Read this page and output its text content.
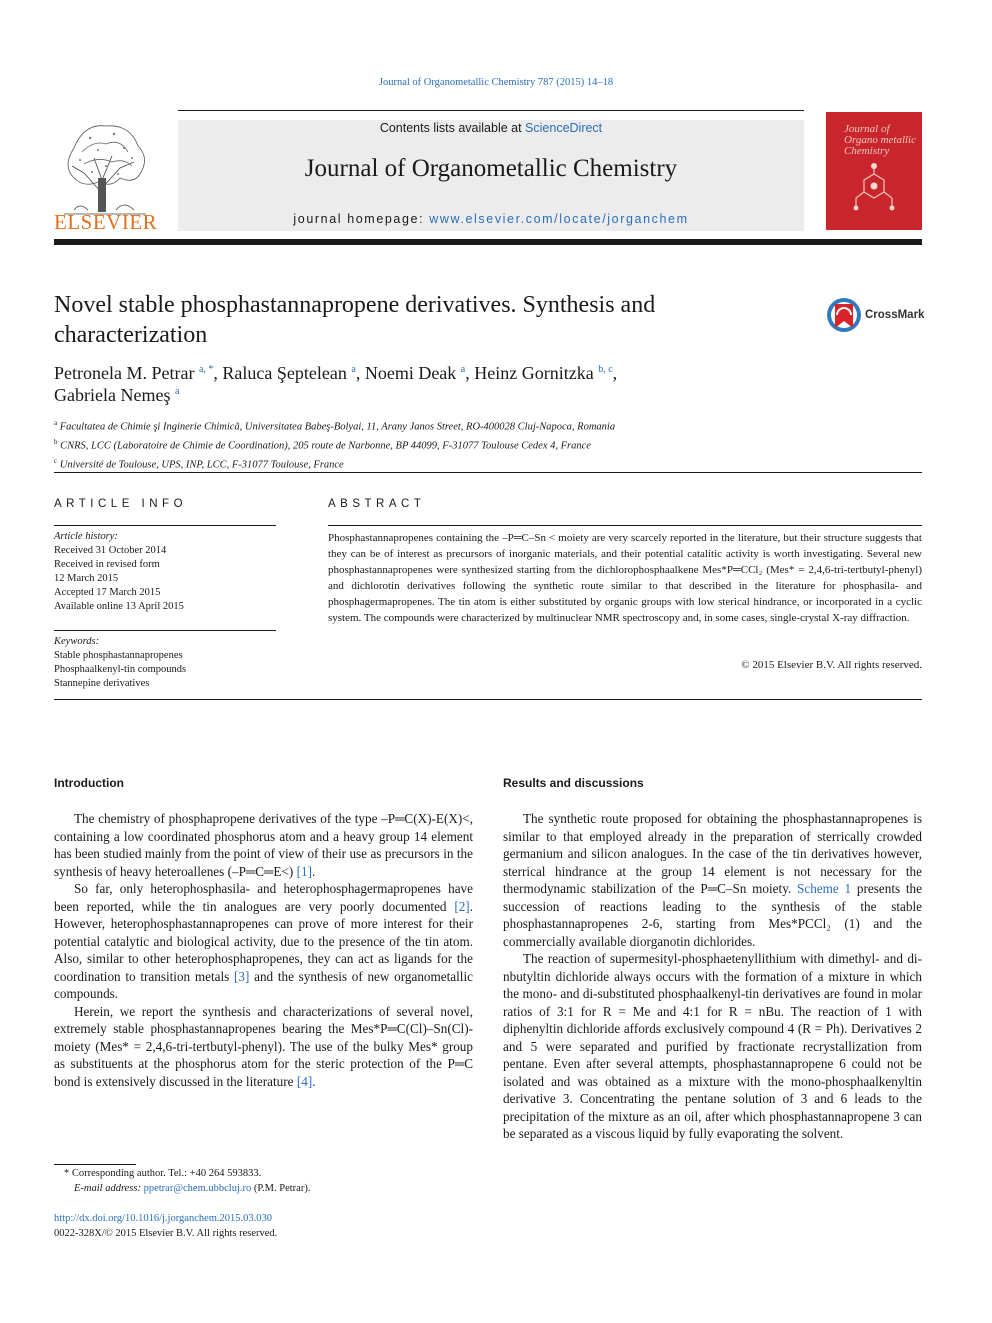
Journal of Organometallic Chemistry 787 (2015) 14–18
ELSEVIER
Contents lists available at ScienceDirect
Journal of Organometallic Chemistry
journal homepage: www.elsevier.com/locate/jorganchem
Journal of Organo metallic Chemistry
Novel stable phosphastannapropene derivatives. Synthesis and characterization
CrossMark
Petronela M. Petrar $^{a, *}$, Raluca Şeptelean $^a$, Noemi Deak $^a$, Heinz Gornitzka $^{b, c}$,
Gabriela Nemeş $^a$
$^a$ Facultatea de Chimie şi Inginerie Chimică, Universitatea Babeş-Bolyai, 11, Arany Janos Street, RO-400028 Cluj-Napoca, Romania
$^b$ CNRS, LCC (Laboratoire de Chimie de Coordination), 205 route de Narbonne, BP 44099, F-31077 Toulouse Cedex 4, France
$^c$ Université de Toulouse, UPS, INP, LCC, F-31077 Toulouse, France
ARTICLE INFO
Article history:
Received 31 October 2014
Received in revised form
12 March 2015
Accepted 17 March 2015
Available online 13 April 2015
Keywords:
Stable phosphastannapropenes
Phosphaalkenyl-tin compounds
Stannepine derivatives
ABSTRACT
Phosphastannapropenes containing the –P═C–Sn < moiety are very scarcely reported in the literature, but their structure suggests that they can be of interest as precursors of inorganic materials, and their potential catalitic activity is worth investigating. Several new phosphastannapropenes were synthesized starting from the dichlorophosphaalkene Mes*P═CCl₂ (Mes* = 2,4,6-tri-tertbutyl-phenyl) and dichlorotin derivatives following the synthetic route similar to that described in the literature for phosphasila- and phosphagermapropenes. The tin atom is either substituted by organic groups with low sterical hindrance, or incorporated in a cyclic system. The compounds were characterized by multinuclear NMR spectroscopy and, in some cases, single-crystal X-ray diffraction.
© 2015 Elsevier B.V. All rights reserved.
Introduction

The chemistry of phosphapropene derivatives of the type –P═C(X)-E(X)<, containing a low coordinated phosphorus atom and a heavy group 14 element has been studied mainly from the point of view of their use as precursors in the synthesis of heavy heteroallenes (–P═C═E<) [1].

So far, only heterophosphasila- and heterophosphagermapropenes have been reported, while the tin analogues are very poorly documented [2]. However, heterophosphastannapropenes can prove of more interest for their potential catalytic and biological activity, due to the presence of the tin atom. Also, similar to other heterophosphapropenes, they can act as ligands for the coordination to transition metals [3] and the synthesis of new organometallic compounds.

Herein, we report the synthesis and characterizations of several novel, extremely stable phosphastannapropenes bearing the Mes*P═C(Cl)–Sn(Cl)- moiety (Mes* = 2,4,6-tri-tertbutyl-phenyl). The use of the bulky Mes* group as substituents at the phosphorus atom for the steric protection of the P═C bond is extensively discussed in the literature [4].

Results and discussions

The synthetic route proposed for obtaining the phosphastannapropenes is similar to that employed already in the preparation of sterrically crowded germanium and silicon analogues. In the case of the tin derivatives however, sterrical hindrance at the group 14 element is not necessary for the thermodynamic stabilization of the P═C–Sn moiety. Scheme 1 presents the succession of reactions leading to the synthesis of the stable phosphastannapropenes 2-6, starting from Mes*PCCl₂ (1) and the commercially available diorganotin dichlorides.

The reaction of supermesityl-phosphaetenyllithium with dimethyl- and di-nbutyltin dichloride always occurs with the formation of a mixture in which the mono- and di-substituted phosphaalkenyl-tin derivatives are found in molar ratios of 3:1 for R = Me and 4:1 for R = nBu. The reaction of 1 with diphenyltin dichloride affords exclusively compound 4 (R = Ph). Derivatives 2 and 5 were separated and purified by fractionate recrystallization from pentane. Even after several attempts, phosphastannapropene 6 could not be isolated and was obtained as a mixture with the mono-phosphaalkenyltin derivative 3. Concentrating the pentane solution of 3 and 6 leads to the precipitation of the mixture as an oil, after which phosphastannapropene 3 can be separated as a viscous liquid by fully evaporating the solvent.

* Corresponding author. Tel.: +40 264 593833.
E-mail address: ppetrar@chem.ubbcluj.ro (P.M. Petrar).
http://dx.doi.org/10.1016/j.jorganchem.2015.03.030
0022-328X/© 2015 Elsevier B.V. All rights reserved.
